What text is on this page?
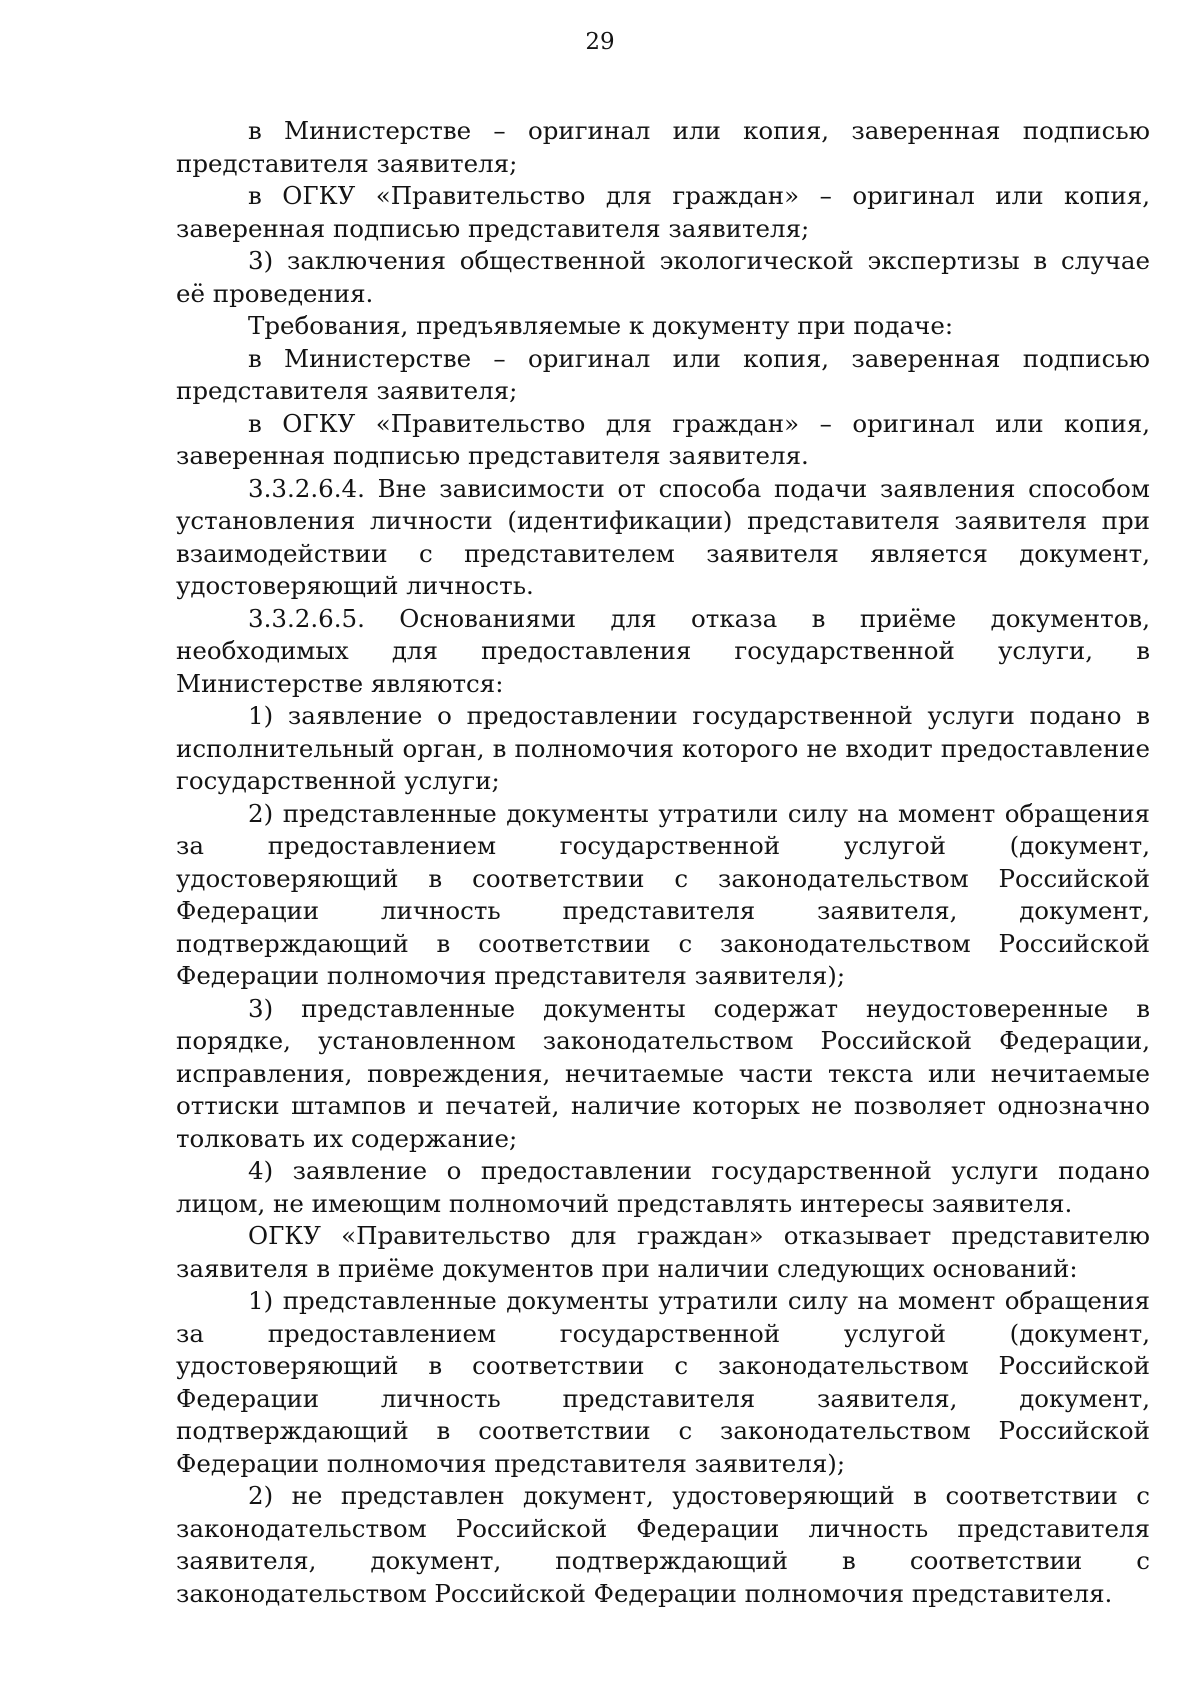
29

в Министерстве – оригинал или копия, заверенная подписью представителя заявителя;

в ОГКУ «Правительство для граждан» – оригинал или копия, заверенная подписью представителя заявителя;

3) заключения общественной экологической экспертизы в случае её проведения.

Требования, предъявляемые к документу при подаче:

в Министерстве – оригинал или копия, заверенная подписью представителя заявителя;

в ОГКУ «Правительство для граждан» – оригинал или копия, заверенная подписью представителя заявителя.

3.3.2.6.4. Вне зависимости от способа подачи заявления способом установления личности (идентификации) представителя заявителя при взаимодействии с представителем заявителя является документ, удостоверяющий личность.

3.3.2.6.5. Основаниями для отказа в приёме документов, необходимых для предоставления государственной услуги, в Министерстве являются:

1) заявление о предоставлении государственной услуги подано в исполнительный орган, в полномочия которого не входит предоставление государственной услуги;

2) представленные документы утратили силу на момент обращения за предоставлением государственной услугой (документ, удостоверяющий в соответствии с законодательством Российской Федерации личность представителя заявителя, документ, подтверждающий в соответствии с законодательством Российской Федерации полномочия представителя заявителя);

3) представленные документы содержат неудостоверенные в порядке, установленном законодательством Российской Федерации, исправления, повреждения, нечитаемые части текста или нечитаемые оттиски штампов и печатей, наличие которых не позволяет однозначно толковать их содержание;

4) заявление о предоставлении государственной услуги подано лицом, не имеющим полномочий представлять интересы заявителя.

ОГКУ «Правительство для граждан» отказывает представителю заявителя в приёме документов при наличии следующих оснований:

1) представленные документы утратили силу на момент обращения за предоставлением государственной услугой (документ, удостоверяющий в соответствии с законодательством Российской Федерации личность представителя заявителя, документ, подтверждающий в соответствии с законодательством Российской Федерации полномочия представителя заявителя);

2) не представлен документ, удостоверяющий в соответствии с законодательством Российской Федерации личность представителя заявителя, документ, подтверждающий в соответствии с законодательством Российской Федерации полномочия представителя.
